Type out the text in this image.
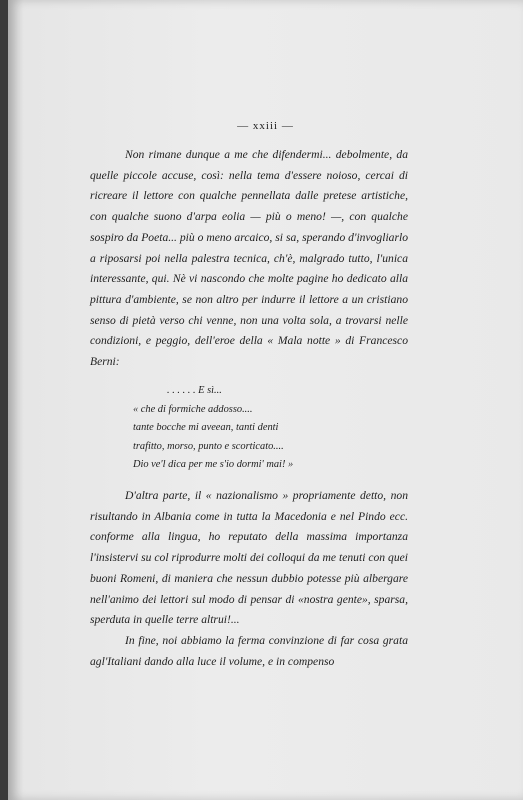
— xxiii —

Non rimane dunque a me che difendermi... debolmente, da quelle piccole accuse, così: nella tema d'essere noioso, cercai di ricreare il lettore con qualche pennellata dalle pretese artistiche, con qualche suono d'arpa eolia — più o meno! —, con qualche sospiro da Poeta... più o meno arcaico, si sa, sperando d'invogliarlo a riposarsi poi nella palestra tecnica, ch'è, malgrado tutto, l'unica interessante, qui. Nè vi nascondo che molte pagine ho dedicato alla pittura d'ambiente, se non altro per indurre il lettore a un cristiano senso di pietà verso chi venne, non una volta sola, a trovarsi nelle condizioni, e peggio, dell'eroe della « Mala notte » di Francesco Berni:

. . . . . . E sì...
« che di formiche addosso....
tante bocche mi aveean, tanti denti
trafitto, morso, punto e scorticato....
Dio ve'l dica per me s'io dormi' mai! »

D'altra parte, il « nazionalismo » propriamente detto, non risultando in Albania come in tutta la Macedonia e nel Pindo ecc. conforme alla lingua, ho reputato della massima importanza l'insistervi su col riprodurre molti dei colloqui da me tenuti con quei buoni Romeni, di maniera che nessun dubbio potesse più albergare nell'animo dei lettori sul modo di pensar di «nostra gente», sparsa, sperduta in quelle terre altrui!...

In fine, noi abbiamo la ferma convinzione di far cosa grata agl'Italiani dando alla luce il volume, e in compenso
